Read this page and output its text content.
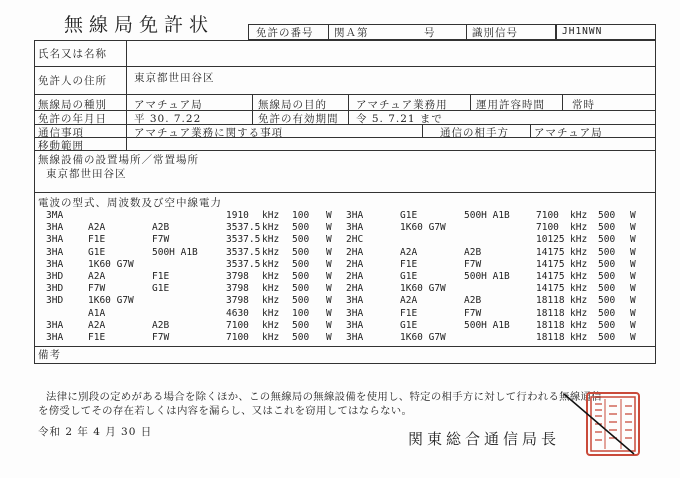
無線局免許状	免許の番号 関Ａ第	号	識別信号	JH1NWN
氏名又は名称
免許人の住所	東京都世田谷区
無線局の種別	アマチュア局	無線局の目的	アマチュア業務用	運用許容時間	常時
免許の年月日	平 30. 7.22	免許の有効期間 令 5. 7.21 まで
通信事項	アマチュア業務に関する事項	通信の相手方 アマチュア局
移動範囲
無線設備の設置場所／常置場所
東京都世田谷区
電波の型式、周波数及び空中線電力
3MA	1910 kHz 100 W
3HA	A2A	A2B	3537.5 kHz 500 W
3HA	F1E	F7W	3537.5 kHz 500 W
3HA	G1E	500H A1B	3537.5 kHz 500 W
3HA	1K60 G7W	3537.5 kHz 500 W
3HD	A2A	F1E	3798 kHz 500 W
3HD	F7W	G1E	3798 kHz 500 W
3HD	1K60 G7W	3798 kHz 500 W
A1A	4630 kHz 100 W
3HA	A2A	A2B	7100 kHz 500 W
3HA	F1E	F7W	7100 kHz 500 W
3HA	G1E	500H A1B	7100 kHz 500 W
3HA	1K60 G7W	7100 kHz 500 W
2HC	10125 kHz 500 W
2HA	A2A	A2B	14175 kHz 500 W
2HA	F1E	F7W	14175 kHz 500 W
2HA	G1E	500H A1B	14175 kHz 500 W
2HA	1K60 G7W	14175 kHz 500 W
3HA	A2A	A2B	18118 kHz 500 W
3HA	F1E	F7W	18118 kHz 500 W
3HA	G1E	500H A1B	18118 kHz 500 W
3HA	1K60 G7W	18118 kHz 500 W
備考
法律に別段の定めがある場合を除くほか、この無線局の無線設備を使用し、特定の相手方に対して行われる無線通信
を傍受してその存在若しくは内容を漏らし、又はこれを窃用してはならない。
令和 2 年 4 月 30 日	関東総合通信局長
